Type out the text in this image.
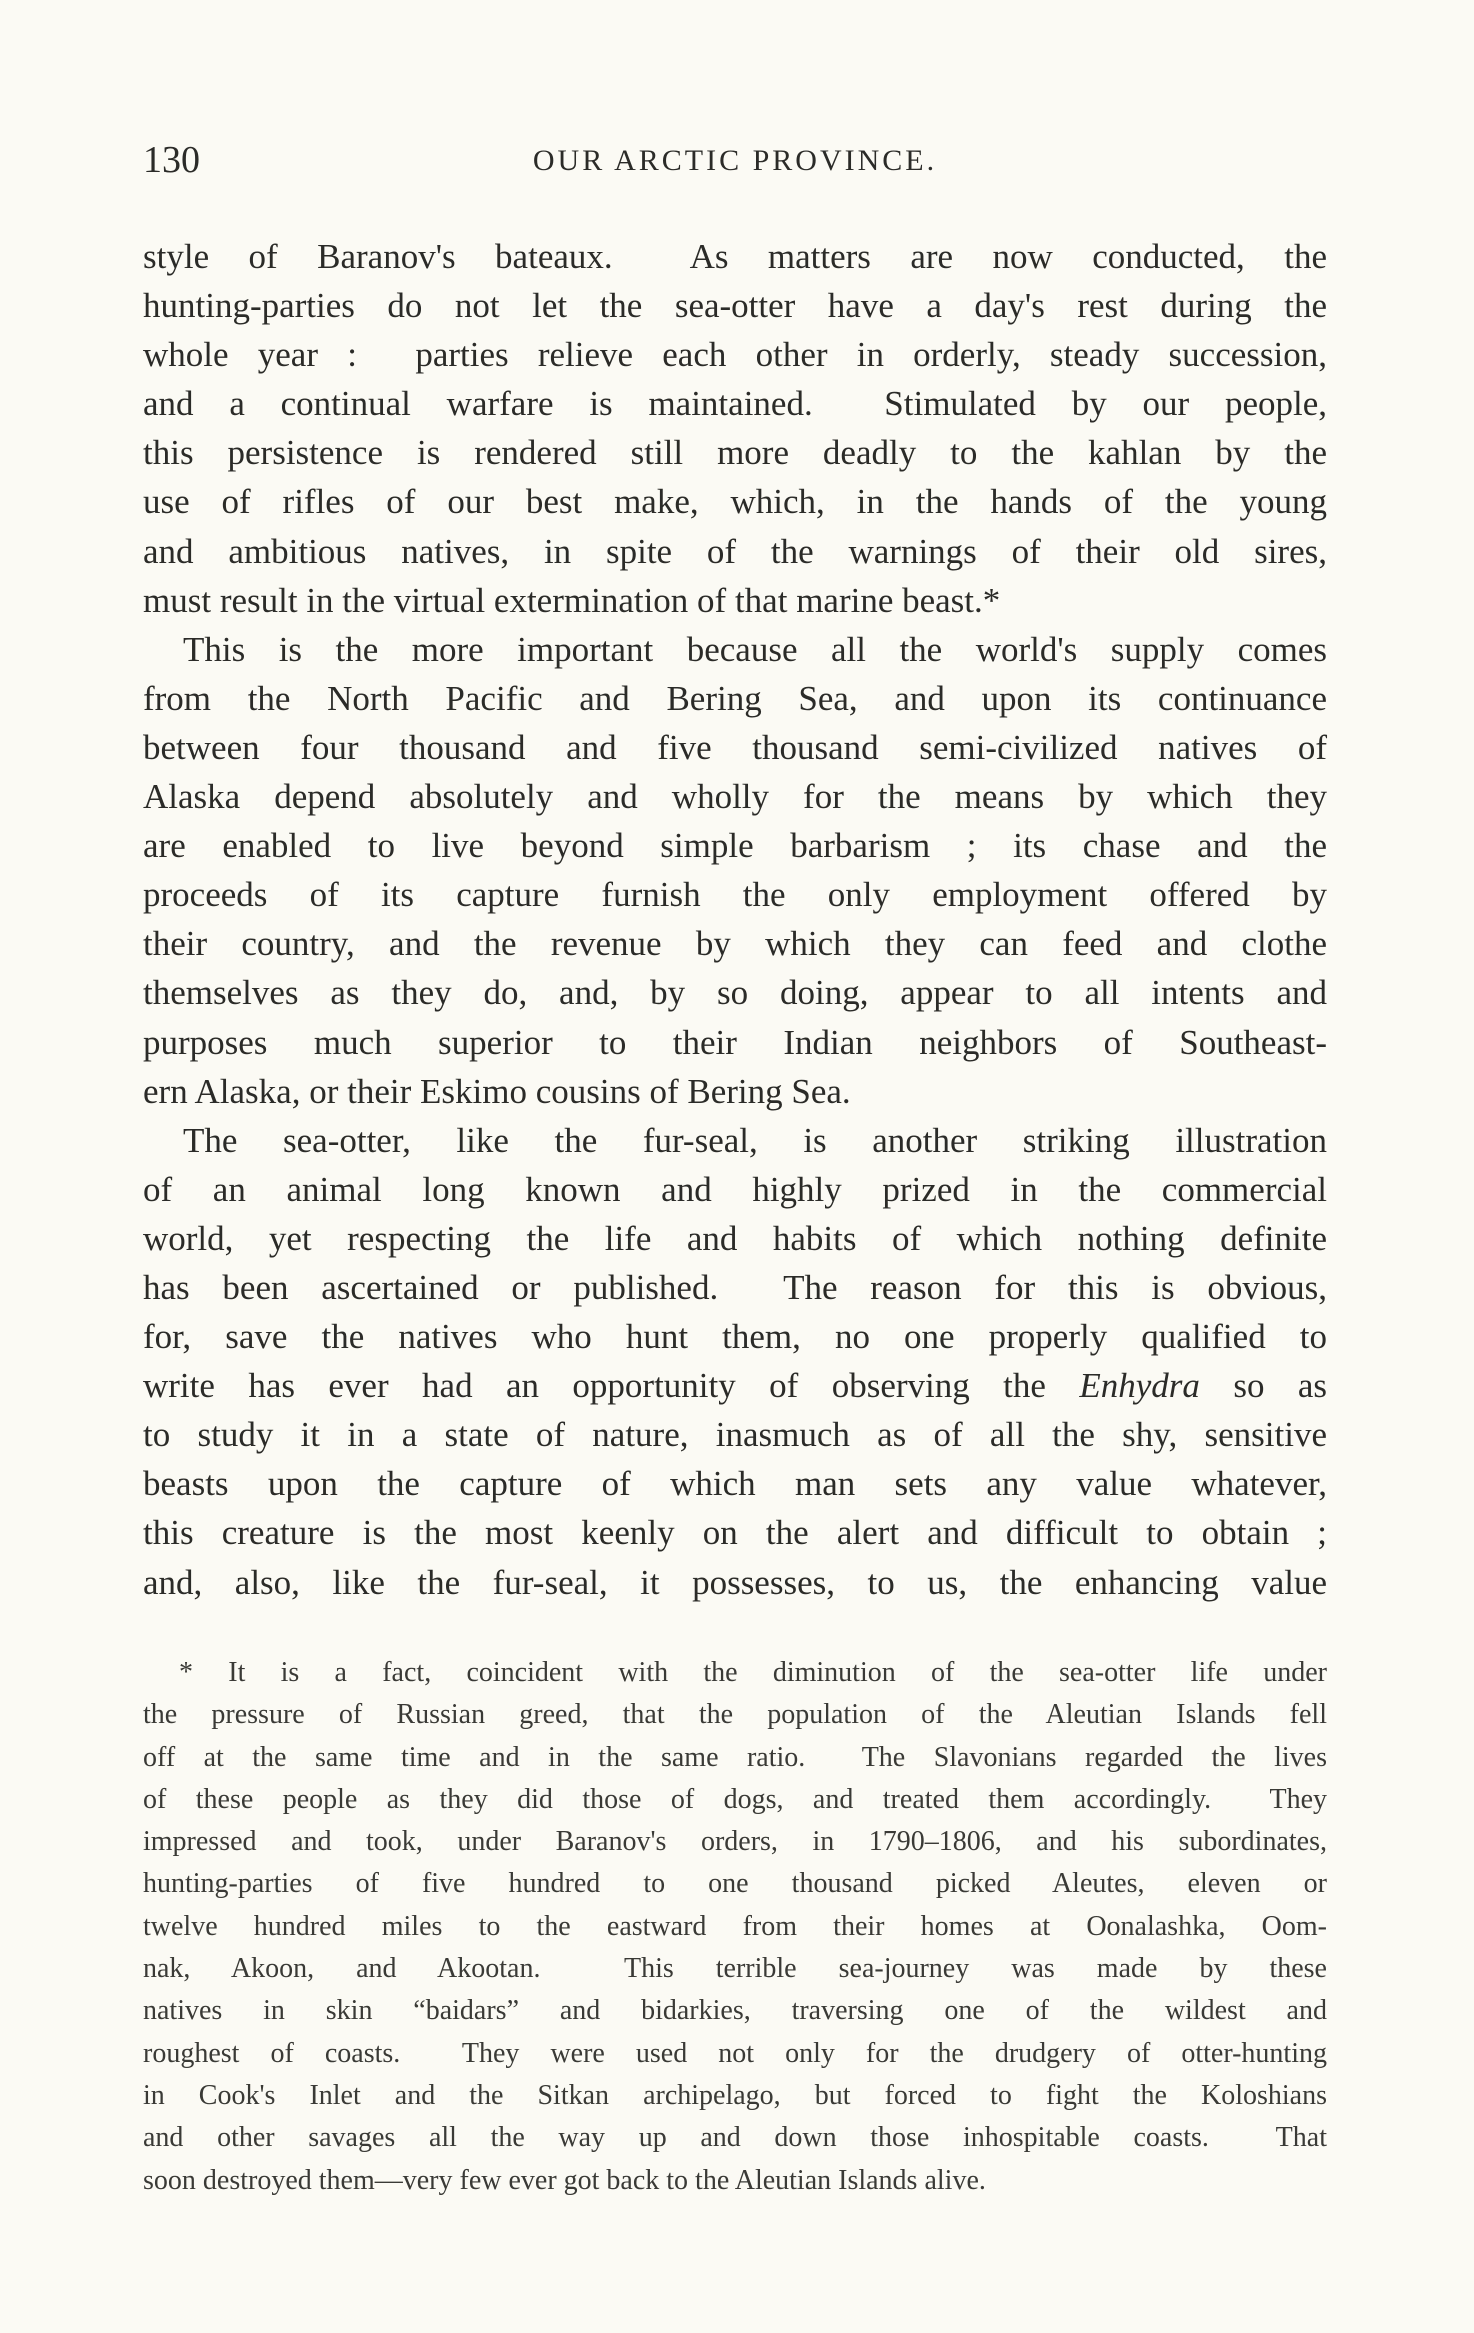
130	OUR ARCTIC PROVINCE.
style of Baranov's bateaux.  As matters are now conducted, the
hunting-parties do not let the sea-otter have a day's rest during the
whole year :  parties relieve each other in orderly, steady succession,
and a continual warfare is maintained.  Stimulated by our people,
this persistence is rendered still more deadly to the kahlan by the
use of rifles of our best make, which, in the hands of the young
and ambitious natives, in spite of the warnings of their old sires,
must result in the virtual extermination of that marine beast.*
This is the more important because all the world's supply comes
from the North Pacific and Bering Sea, and upon its continuance
between four thousand and five thousand semi-civilized natives of
Alaska depend absolutely and wholly for the means by which they
are enabled to live beyond simple barbarism ; its chase and the
proceeds of its capture furnish the only employment offered by
their country, and the revenue by which they can feed and clothe
themselves as they do, and, by so doing, appear to all intents and
purposes much superior to their Indian neighbors of Southeast-
ern Alaska, or their Eskimo cousins of Bering Sea.
The sea-otter, like the fur-seal, is another striking illustration
of an animal long known and highly prized in the commercial
world, yet respecting the life and habits of which nothing definite
has been ascertained or published.  The reason for this is obvious,
for, save the natives who hunt them, no one properly qualified to
write has ever had an opportunity of observing the Enhydra so as
to study it in a state of nature, inasmuch as of all the shy, sensitive
beasts upon the capture of which man sets any value whatever,
this creature is the most keenly on the alert and difficult to obtain ;
and, also, like the fur-seal, it possesses, to us, the enhancing value
* It is a fact, coincident with the diminution of the sea-otter life under
the pressure of Russian greed, that the population of the Aleutian Islands fell
off at the same time and in the same ratio.  The Slavonians regarded the lives
of these people as they did those of dogs, and treated them accordingly.  They
impressed and took, under Baranov's orders, in 1790–1806, and his subordinates,
hunting-parties of five hundred to one thousand picked Aleutes, eleven or
twelve hundred miles to the eastward from their homes at Oonalashka, Oom-
nak, Akoon, and Akootan.  This terrible sea-journey was made by these
natives in skin “baidars” and bidarkies, traversing one of the wildest and
roughest of coasts.  They were used not only for the drudgery of otter-hunting
in Cook's Inlet and the Sitkan archipelago, but forced to fight the Koloshians
and other savages all the way up and down those inhospitable coasts.  That
soon destroyed them—very few ever got back to the Aleutian Islands alive.
